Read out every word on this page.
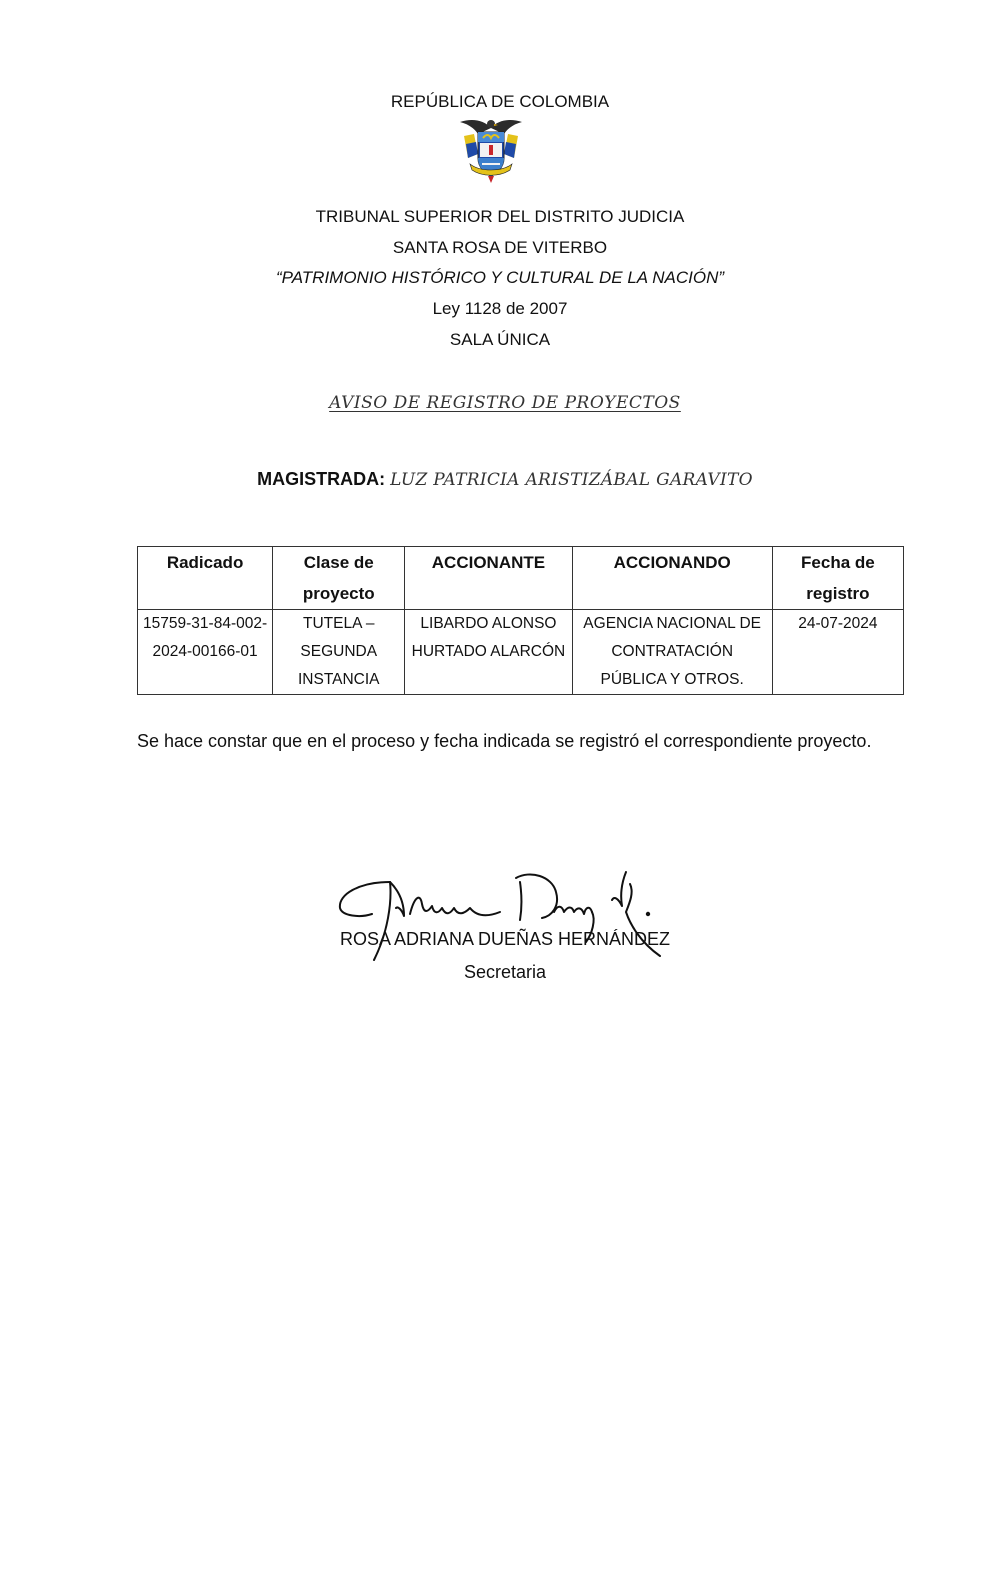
REPÚBLICA DE COLOMBIA
TRIBUNAL SUPERIOR DEL DISTRITO JUDICIA
SANTA ROSA DE VITERBO
“PATRIMONIO HISTÓRICO Y CULTURAL DE LA NACIÓN”
Ley 1128 de 2007
SALA ÚNICA
AVISO DE REGISTRO DE PROYECTOS
MAGISTRADA: LUZ PATRICIA ARISTIZÁBAL GARAVITO
Radicado	Clase de proyecto	ACCIONANTE	ACCIONANDO	Fecha de registro
15759-31-84-002-2024-00166-01	TUTELA – SEGUNDA INSTANCIA	LIBARDO ALONSO HURTADO ALARCÓN	AGENCIA NACIONAL DE CONTRATACIÓN PÚBLICA Y OTROS.	24-07-2024
Se hace constar que en el proceso y fecha indicada se registró el correspondiente proyecto.
ROSA ADRIANA DUEÑAS HERNÁNDEZ
Secretaria
